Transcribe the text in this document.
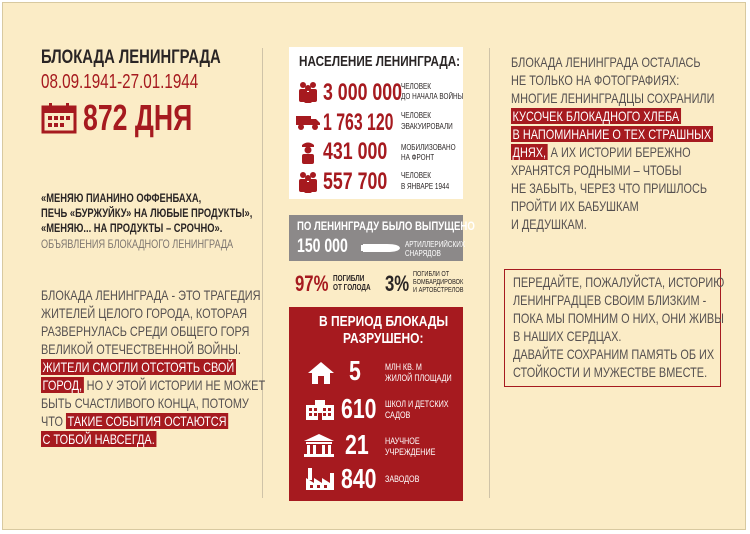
БЛОКАДА ЛЕНИНГРАДА
08.09.1941-27.01.1944
872 ДНЯ
«МЕНЯЮ ПИАНИНО ОФФЕНБАХА,
ПЕЧЬ «БУРЖУЙКУ» НА ЛЮБЫЕ ПРОДУКТЫ»,
«МЕНЯЮ... НА ПРОДУКТЫ – СРОЧНО».
ОБЪЯВЛЕНИЯ БЛОКАДНОГО ЛЕНИНГРАДА
БЛОКАДА ЛЕНИНГРАДА - ЭТО ТРАГЕДИЯ
ЖИТЕЛЕЙ ЦЕЛОГО ГОРОДА, КОТОРАЯ
РАЗВЕРНУЛАСЬ СРЕДИ ОБЩЕГО ГОРЯ
ВЕЛИКОЙ ОТЕЧЕСТВЕННОЙ ВОЙНЫ.
ЖИТЕЛИ СМОГЛИ ОТСТОЯТЬ СВОЙ
ГОРОД, НО У ЭТОЙ ИСТОРИИ НЕ МОЖЕТ
БЫТЬ СЧАСТЛИВОГО КОНЦА, ПОТОМУ
ЧТО ТАКИЕ СОБЫТИЯ ОСТАЮТСЯ
С ТОБОЙ НАВСЕГДА.
НАСЕЛЕНИЕ ЛЕНИНГРАДА:
3 000 000
ЧЕЛОВЕК
ДО НАЧАЛА ВОЙНЫ
1 763 120 ЧЕЛОВЕК
ЭВАКУИРОВАЛИ
431 000 МОБИЛИЗОВАНО
НА ФРОНТ
557 700 ЧЕЛОВЕК
В ЯНВАРЕ 1944
ПО ЛЕНИНГРАДУ БЫЛО ВЫПУЩЕНО
150 000	АРТИЛЛЕРИЙСКИХ
СНАРЯДОВ
97% ПОГИБЛИ
ОТ ГОЛОДА 3% ПОГИБЛИ ОТ
БОМБАРДИРОВОК
И АРТОБСТРЕЛОВ
В ПЕРИОД БЛОКАДЫ
РАЗРУШЕНО:
5	МЛН КВ. М
ЖИЛОЙ ПЛОЩАДИ
610 ШКОЛ И ДЕТСКИХ
САДОВ
21 НАУЧНОЕ
УЧРЕЖДЕНИЕ
840 ЗАВОДОВ
БЛОКАДА ЛЕНИНГРАДА ОСТАЛАСЬ
НЕ ТОЛЬКО НА ФОТОГРАФИЯХ:
МНОГИЕ ЛЕНИНГРАДЦЫ СОХРАНИЛИ
КУСОЧЕК БЛОКАДНОГО ХЛЕБА
В НАПОМИНАНИЕ О ТЕХ СТРАШНЫХ
ДНЯХ, А ИХ ИСТОРИИ БЕРЕЖНО
ХРАНЯТСЯ РОДНЫМИ – ЧТОБЫ
НЕ ЗАБЫТЬ, ЧЕРЕЗ ЧТО ПРИШЛОСЬ
ПРОЙТИ ИХ БАБУШКАМ
И ДЕДУШКАМ.
ПЕРЕДАЙТЕ, ПОЖАЛУЙСТА, ИСТОРИЮ
ЛЕНИНГРАДЦЕВ СВОИМ БЛИЗКИМ -
ПОКА МЫ ПОМНИМ О НИХ, ОНИ ЖИВЫ
В НАШИХ СЕРДЦАХ.
ДАВАЙТЕ СОХРАНИМ ПАМЯТЬ ОБ ИХ
СТОЙКОСТИ И МУЖЕСТВЕ ВМЕСТЕ.
